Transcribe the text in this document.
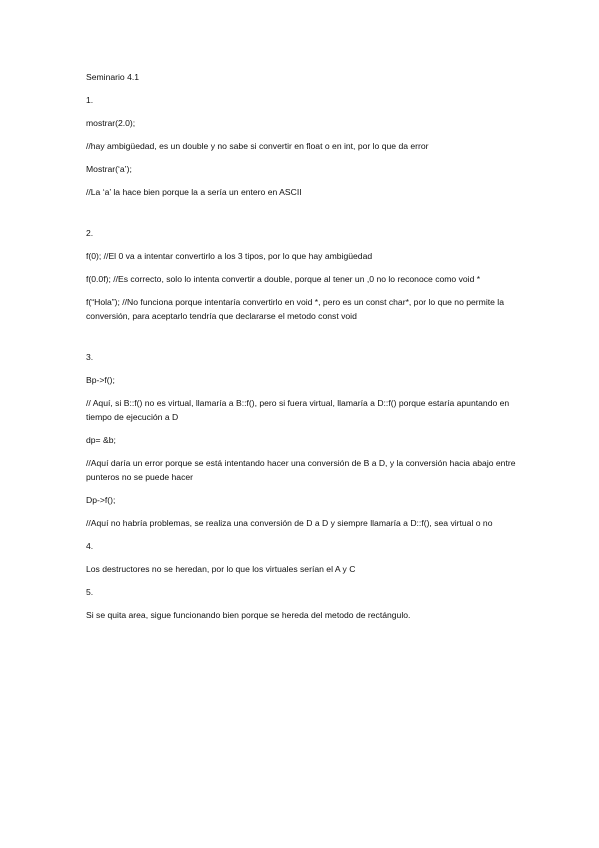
Seminario 4.1

1.

mostrar(2.0);

//hay ambigüedad, es un double y no sabe si convertir en float o en int, por lo que da error

Mostrar(‘a’);

//La ‘a’ la hace bien porque la a sería un entero en ASCII

2.

f(0); //El 0 va a intentar convertirlo a los 3 tipos, por lo que hay ambigüedad

f(0.0f); //Es correcto, solo lo intenta convertir a double, porque al tener un ,0 no lo reconoce como void *

f(“Hola”); //No funciona porque intentaría convertirlo en void *, pero es un const char*, por lo que no permite la conversión, para aceptarlo tendría que declararse el metodo const void

3.

Bp->f();

// Aquí, si B::f() no es virtual, llamaría a B::f(), pero si fuera virtual, llamaría a D::f() porque estaría apuntando en tiempo de ejecución a D

dp= &b;

//Aquí daría un error porque se está intentando hacer una conversión de B a D, y la conversión hacia abajo entre punteros no se puede hacer

Dp->f();

//Aquí no habría problemas, se realiza una conversión de D a D y siempre llamaría a D::f(), sea virtual o no

4.

Los destructores no se heredan, por lo que los virtuales serían el A y C

5.

Si se quita area, sigue funcionando bien porque se hereda del metodo de rectángulo.
